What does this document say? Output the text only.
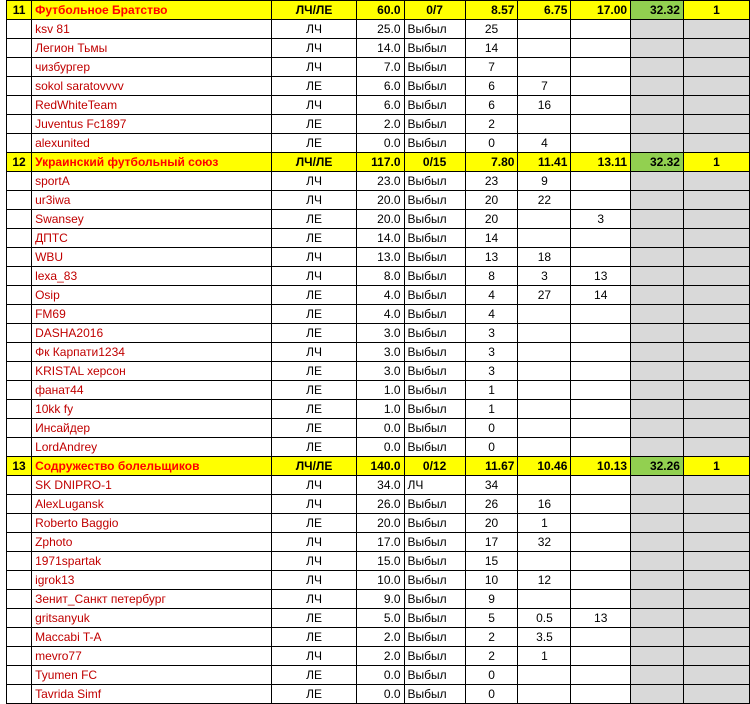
11	Футбольное Братство	ЛЧ/ЛЕ	60.0	0/7	8.57	6.75	17.00	32.32	1
	ksv 81	ЛЧ	25.0	Выбыл	25				
	Легион Тьмы	ЛЧ	14.0	Выбыл	14				
	чизбургер	ЛЧ	7.0	Выбыл	7				
	sokol saratovvvv	ЛЕ	6.0	Выбыл	6	7			
	RedWhiteTeam	ЛЧ	6.0	Выбыл	6	16			
	Juventus Fc1897	ЛЕ	2.0	Выбыл	2				
	alexunited	ЛЕ	0.0	Выбыл	0	4			
12	Украинский футбольный союз	ЛЧ/ЛЕ	117.0	0/15	7.80	11.41	13.11	32.32	1
	sportA	ЛЧ	23.0	Выбыл	23	9			
	ur3iwa	ЛЧ	20.0	Выбыл	20	22			
	Swansey	ЛЕ	20.0	Выбыл	20		3		
	ДПТС	ЛЕ	14.0	Выбыл	14				
	WBU	ЛЧ	13.0	Выбыл	13	18			
	lexa_83	ЛЧ	8.0	Выбыл	8	3	13		
	Osip	ЛЕ	4.0	Выбыл	4	27	14		
	FM69	ЛЕ	4.0	Выбыл	4				
	DASHA2016	ЛЕ	3.0	Выбыл	3				
	Фк Карпати1234	ЛЧ	3.0	Выбыл	3				
	KRISTAL херсон	ЛЕ	3.0	Выбыл	3				
	фанат44	ЛЕ	1.0	Выбыл	1				
	10kk fy	ЛЕ	1.0	Выбыл	1				
	Инсайдер	ЛЕ	0.0	Выбыл	0				
	LordAndrey	ЛЕ	0.0	Выбыл	0				
13	Содружество болельщиков	ЛЧ/ЛЕ	140.0	0/12	11.67	10.46	10.13	32.26	1
	SK DNIPRO-1	ЛЧ	34.0	ЛЧ	34				
	AlexLugansk	ЛЧ	26.0	Выбыл	26	16			
	Roberto Baggio	ЛЕ	20.0	Выбыл	20	1			
	Zphoto	ЛЧ	17.0	Выбыл	17	32			
	1971spartak	ЛЧ	15.0	Выбыл	15				
	igrok13	ЛЧ	10.0	Выбыл	10	12			
	Зенит_Санкт петербург	ЛЧ	9.0	Выбыл	9				
	gritsanyuk	ЛЕ	5.0	Выбыл	5	0.5	13		
	Maccabi T-A	ЛЕ	2.0	Выбыл	2	3.5			
	mevro77	ЛЧ	2.0	Выбыл	2	1			
	Tyumen FC	ЛЕ	0.0	Выбыл	0				
	Tavrida Simf	ЛЕ	0.0	Выбыл	0				
